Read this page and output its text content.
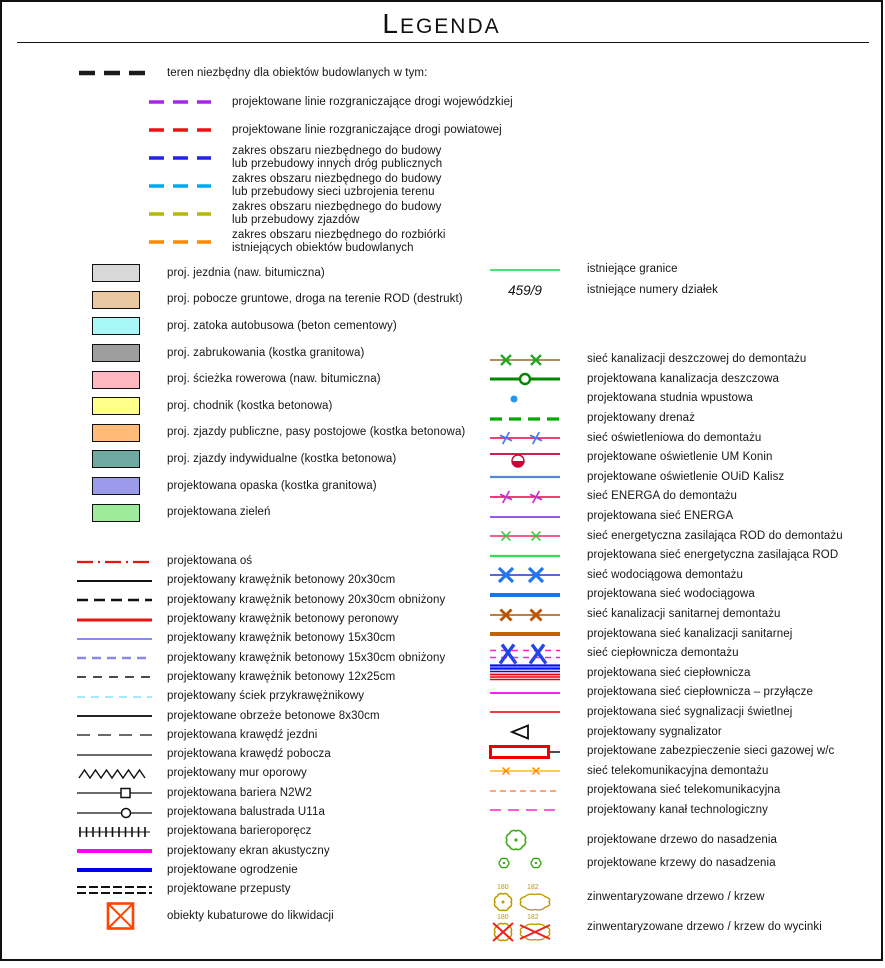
LEGENDA
teren niezbędny dla obiektów budowlanych w tym:
projektowane linie rozgraniczające drogi wojewódzkiej
projektowane linie rozgraniczające drogi powiatowej
zakres obszaru niezbędnego do budowy
lub przebudowy innych dróg publicznych
zakres obszaru niezbędnego do budowy
lub przebudowy sieci uzbrojenia terenu
zakres obszaru niezbędnego do budowy
lub przebudowy zjazdów
zakres obszaru niezbędnego do rozbiórki
istniejących obiektów budowlanych
proj. jezdnia (naw. bitumiczna)
proj. pobocze gruntowe, droga na terenie ROD (destrukt)
proj. zatoka autobusowa (beton cementowy)
proj. zabrukowania (kostka granitowa)
proj. ścieżka rowerowa (naw. bitumiczna)
proj. chodnik (kostka betonowa)
proj. zjazdy publiczne, pasy postojowe (kostka betonowa)
proj. zjazdy indywidualne (kostka betonowa)
projektowana opaska (kostka granitowa)
projektowana zieleń
projektowana oś
projektowany krawężnik betonowy 20x30cm
projektowany krawężnik betonowy 20x30cm obniżony
projektowany krawężnik betonowy peronowy
projektowany krawężnik betonowy 15x30cm
projektowany krawężnik betonowy 15x30cm obniżony
projektowany krawężnik betonowy 12x25cm
projektowany ściek przykrawężnikowy
projektowane obrzeże betonowe 8x30cm
projektowana krawędź jezdni
projektowana krawędź pobocza
projektowany mur oporowy
projektowana bariera N2W2
projektowana balustrada U11a
projektowana barieroporęcz
projektowany ekran akustyczny
projektowane ogrodzenie
projektowane przepusty
obiekty kubaturowe do likwidacji
istniejące granice
459/9	istniejące numery działek
sieć kanalizacji deszczowej do demontażu
projektowana kanalizacja deszczowa
projektowana studnia wpustowa
projektowany drenaż
sieć oświetleniowa do demontażu
projektowane oświetlenie UM Konin
projektowane oświetlenie OUiD Kalisz
sieć ENERGA do demontażu
projektowana sieć ENERGA
sieć energetyczna zasilająca ROD do demontażu
projektowana sieć energetyczna zasilająca ROD
sieć wodociągowa demontażu
projektowana sieć wodociągowa
sieć kanalizacji sanitarnej demontażu
projektowana sieć kanalizacji sanitarnej
sieć ciepłownicza demontażu
projektowana sieć ciepłownicza
projektowana sieć ciepłownicza – przyłącze
projektowana sieć sygnalizacji świetlnej
projektowany sygnalizator
projektowane zabezpieczenie sieci gazowej w/c
sieć telekomunikacyjna demontażu
projektowana sieć telekomunikacyjna
projektowany kanał technologiczny
projektowane drzewo do nasadzenia
projektowane krzewy do nasadzenia
180	182
zinwentaryzowane drzewo / krzew
180	182
zinwentaryzowane drzewo / krzew do wycinki
